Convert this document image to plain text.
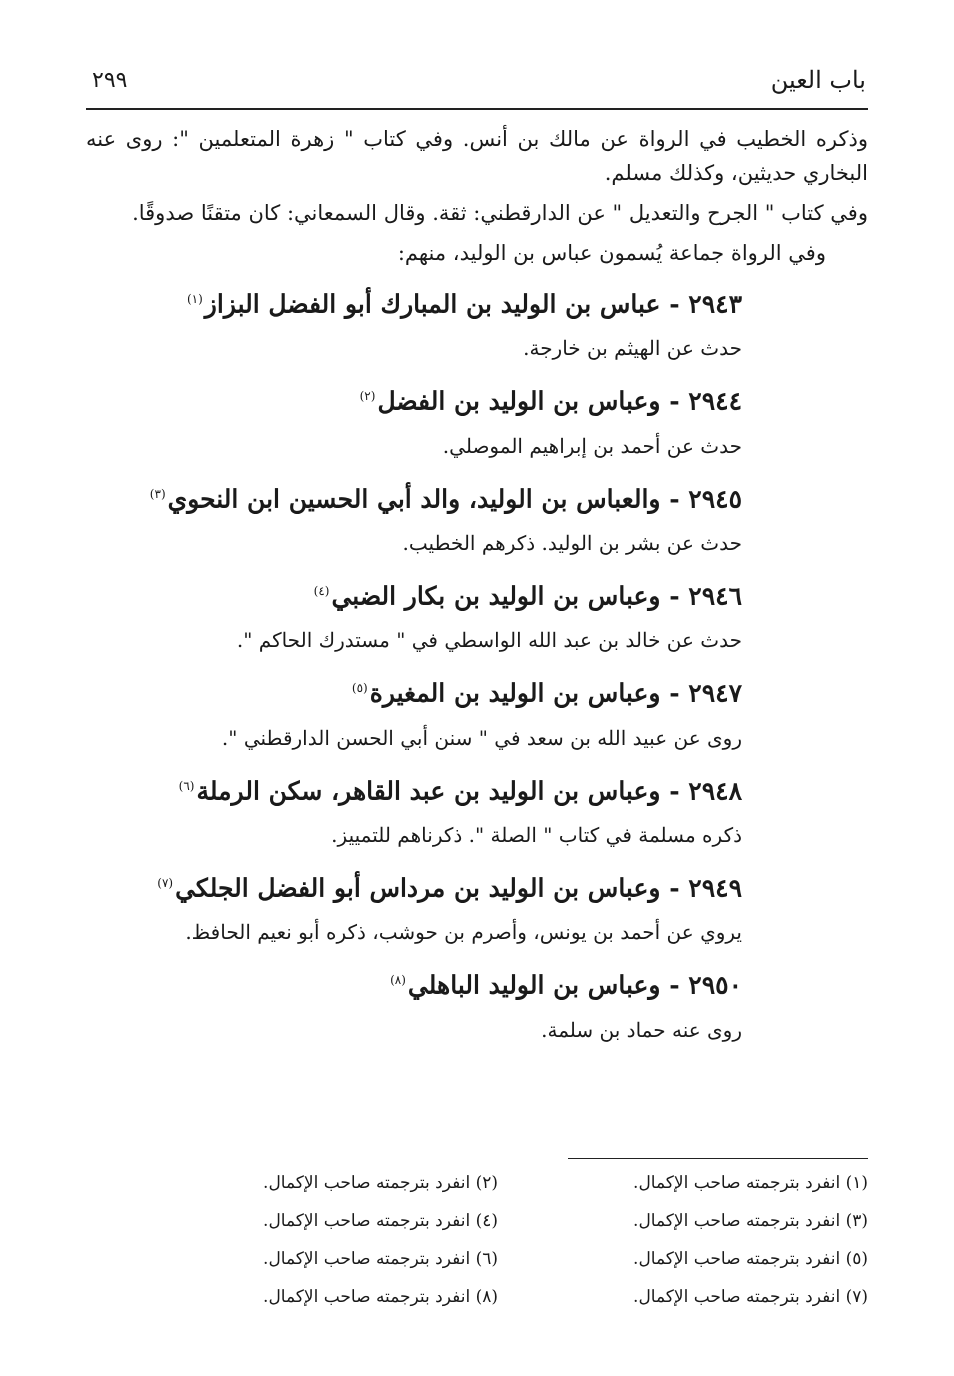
باب العين
٢٩٩

وذكره الخطيب في الرواة عن مالك بن أنس. وفي كتاب " زهرة المتعلمين ": روى عنه البخاري حديثين، وكذلك مسلم.

وفي كتاب " الجرح والتعديل " عن الدارقطني: ثقة. وقال السمعاني: كان متقنًا صدوقًا.

وفي الرواة جماعة يُسمون عباس بن الوليد، منهم:

٢٩٤٣ - عباس بن الوليد بن المبارك أبو الفضل البزاز$^{(١)}$
حدث عن الهيثم بن خارجة.
٢٩٤٤ - وعباس بن الوليد بن الفضل$^{(٢)}$
حدث عن أحمد بن إبراهيم الموصلي.
٢٩٤٥ - والعباس بن الوليد، والد أبي الحسين ابن النحوي$^{(٣)}$
حدث عن بشر بن الوليد. ذكرهم الخطيب.
٢٩٤٦ - وعباس بن الوليد بن بكار الضبي$^{(٤)}$
حدث عن خالد بن عبد الله الواسطي في " مستدرك الحاكم ".
٢٩٤٧ - وعباس بن الوليد بن المغيرة$^{(٥)}$
روى عن عبيد الله بن سعد في " سنن أبي الحسن الدارقطني ".
٢٩٤٨ - وعباس بن الوليد بن عبد القاهر، سكن الرملة$^{(٦)}$
ذكره مسلمة في كتاب " الصلة ". ذكرناهم للتمييز.
٢٩٤٩ - وعباس بن الوليد بن مرداس أبو الفضل الجلكي$^{(٧)}$
يروي عن أحمد بن يونس، وأصرم بن حوشب، ذكره أبو نعيم الحافظ.
٢٩٥٠ - وعباس بن الوليد الباهلي$^{(٨)}$
روى عنه حماد بن سلمة.
(١) انفرد بترجمته صاحب الإكمال.
(٢) انفرد بترجمته صاحب الإكمال.
(٣) انفرد بترجمته صاحب الإكمال.
(٤) انفرد بترجمته صاحب الإكمال.
(٥) انفرد بترجمته صاحب الإكمال.
(٦) انفرد بترجمته صاحب الإكمال.
(٧) انفرد بترجمته صاحب الإكمال.
(٨) انفرد بترجمته صاحب الإكمال.
